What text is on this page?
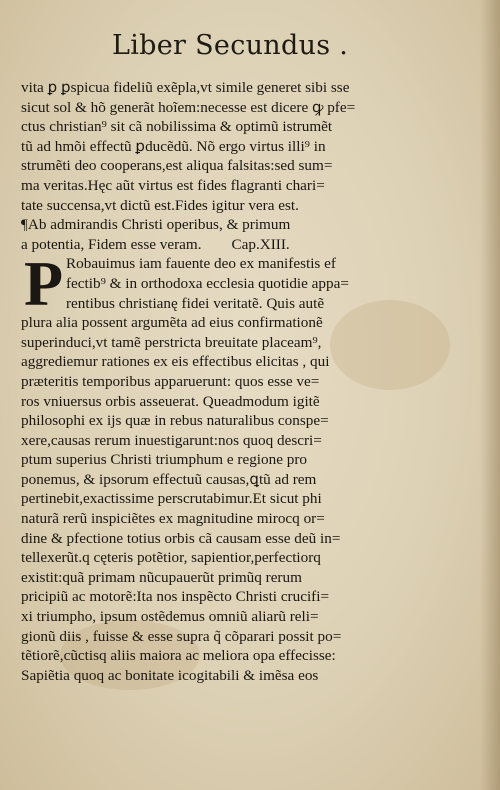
Liber Secundus .
vita ꝑ ꝑspicua fideliũ exẽpla,vt simile generet sibi sse
sicut sol & hõ generãt hoĩem:necesse est dicere ꝙ pfe=
ctus christian⁹ sit cã nobilissima & optimũ istrumẽt
tũ ad hmõi effectũ ꝑducẽdũ. Nõ ergo virtus illi⁹ in
strumẽti deo cooperans,est aliqua falsitas:sed sum=
ma veritas.Hęc aũt virtus est fides flagranti chari=
tate succensa,vt dictũ est.Fides igitur vera est.
¶Ab admirandis Christi operibus, & primum
a potentia, Fidem esse veram. Cap.XIII.
Robauimus iam fauente deo ex manifestis ef
fectib⁹ & in orthodoxa ecclesia quotidie appa=
rentibus christianę fidei veritatẽ. Quis autẽ
plura alia possent argumẽta ad eius confirmationẽ
superinduci,vt tamẽ perstricta breuitate placeam⁹,
aggrediemur rationes ex eis effectibus elicitas , qui
prӕteritis temporibus apparuerunt: quos esse ve=
ros vniuersus orbis asseuerat. Queadmodum igitẽ
philosophi ex ijs quӕ in rebus naturalibus conspe=
xere,causas rerum inuestigarunt:nos quoq descri=
ptum superius Christi triumphum e regione pro
ponemus, & ipsorum effectuũ causas,ꝗtũ ad rem
pertinebit,exactissime perscrutabimur.Et sicut phi
naturã rerũ inspiciẽtes ex magnitudine mirocq or=
dine & pfectione totius orbis cã causam esse deũ in=
tellexerũt.q cęteris potẽtior, sapientior,perfectiorq
existit:quã primam nũcupauerũt primũq rerum
pricipiũ ac motorẽ:Ita nos inspẽcto Christi crucifi=
xi triumpho, ipsum ostẽdemus omniũ aliarũ reli=
gionũ diis , fuisse & esse supra q̃ cõparari possit po=
tẽtiorẽ,cũctisq aliis maiora ac meliora opa effecisse:
Sapiẽtia quoq ac bonitate icogitabili & imẽsa eos
P
